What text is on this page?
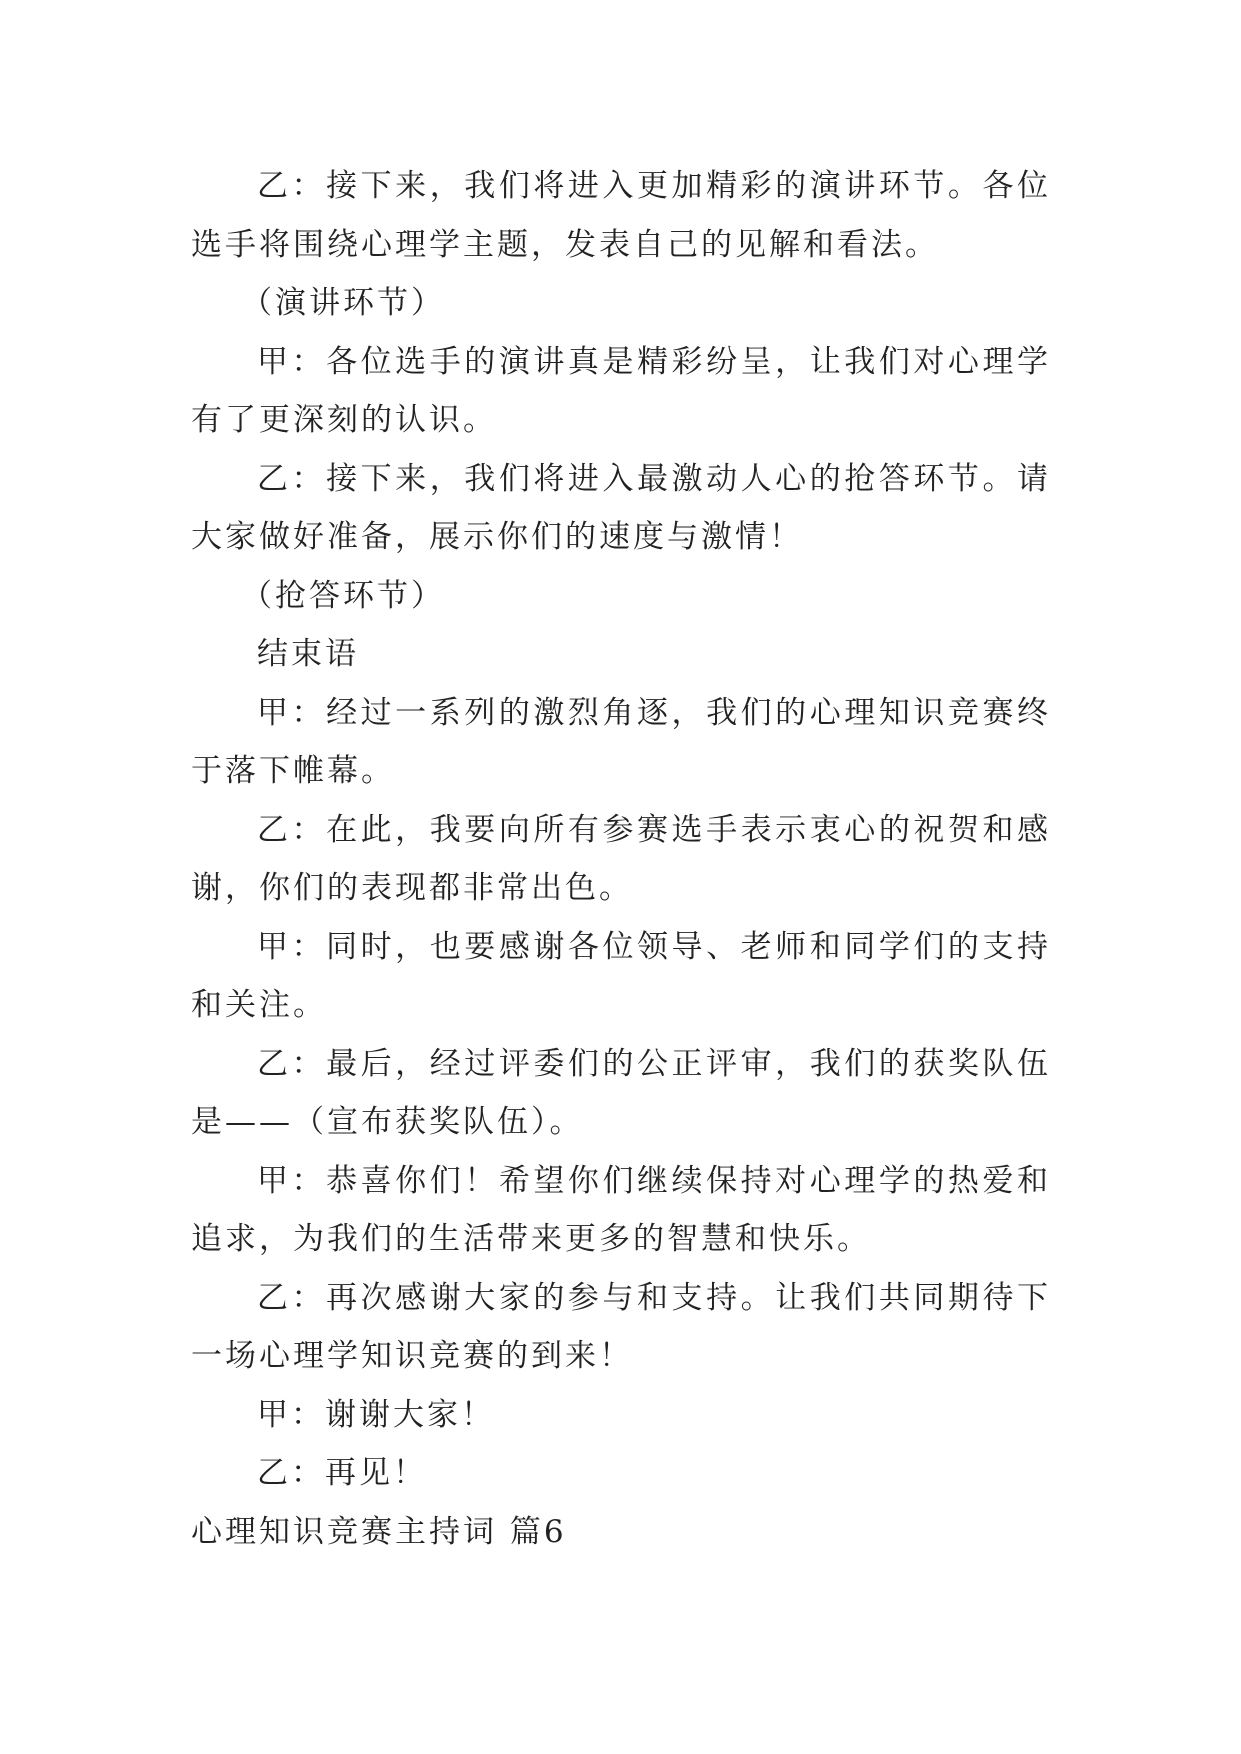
乙：接下来，我们将进入更加精彩的演讲环节。各位选手将围绕心理学主题，发表自己的见解和看法。

（演讲环节）

甲：各位选手的演讲真是精彩纷呈，让我们对心理学有了更深刻的认识。

乙：接下来，我们将进入最激动人心的抢答环节。请大家做好准备，展示你们的速度与激情！

（抢答环节）

结束语

甲：经过一系列的激烈角逐，我们的心理知识竞赛终于落下帷幕。

乙：在此，我要向所有参赛选手表示衷心的祝贺和感谢，你们的表现都非常出色。

甲：同时，也要感谢各位领导、老师和同学们的支持和关注。

乙：最后，经过评委们的公正评审，我们的获奖队伍是——（宣布获奖队伍）。

甲：恭喜你们！希望你们继续保持对心理学的热爱和追求，为我们的生活带来更多的智慧和快乐。

乙：再次感谢大家的参与和支持。让我们共同期待下一场心理学知识竞赛的到来！

甲：谢谢大家！

乙：再见！

心理知识竞赛主持词 篇6
